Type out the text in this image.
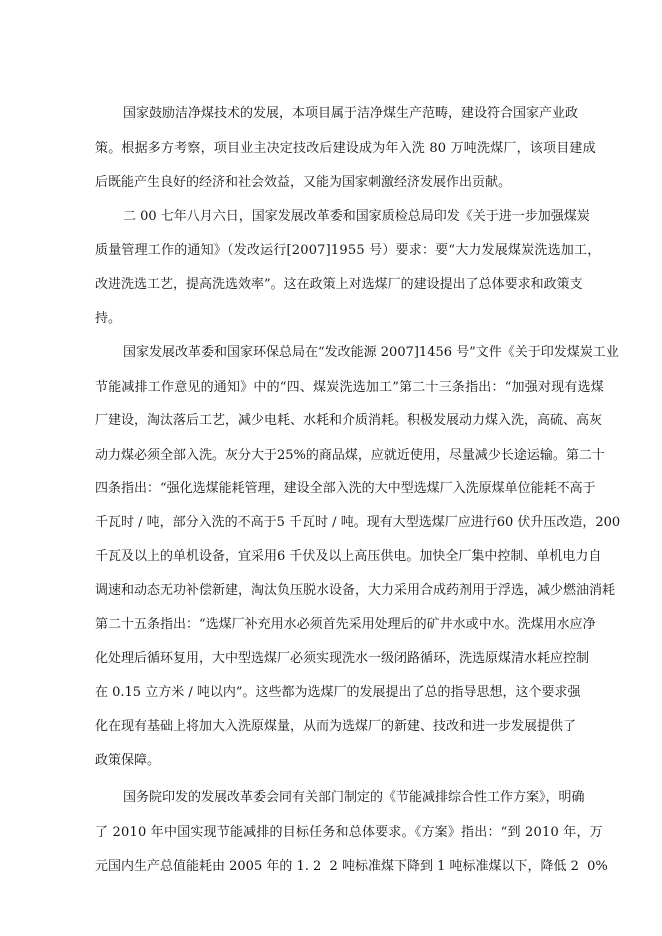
国家鼓励洁净煤技术的发展，本项目属于洁净煤生产范畴，建设符合国家产业政
策。根据多方考察，项目业主决定技改后建设成为年入洗 80 万吨洗煤厂，该项目建成
后既能产生良好的经济和社会效益，又能为国家刺激经济发展作出贡献。
二 00 七年八月六日，国家发展改革委和国家质检总局印发《关于进一步加强煤炭
质量管理工作的通知》（发改运行[2007]1955 号）要求：要“大力发展煤炭洗选加工，
改进洗选工艺，提高洗选效率”。这在政策上对选煤厂的建设提出了总体要求和政策支
持。
国家发展改革委和国家环保总局在“发改能源 2007]1456 号”文件《关于印发煤炭工业
节能减排工作意见的通知》中的“四、煤炭洗选加工”第二十三条指出：“加强对现有选煤
厂建设，淘汰落后工艺，减少电耗、水耗和介质消耗。积极发展动力煤入洗，高硫、高灰
动力煤必须全部入洗。灰分大于25%的商品煤，应就近使用，尽量减少长途运输。第二十
四条指出：“强化选煤能耗管理，建设全部入洗的大中型选煤厂入洗原煤单位能耗不高于
千瓦时 / 吨，部分入洗的不高于5 千瓦时 / 吨。现有大型选煤厂应进行60 伏升压改造，200
千瓦及以上的单机设备，宜采用6 千伏及以上高压供电。加快全厂集中控制、单机电力自
调速和动态无功补偿新建，淘汰负压脱水设备，大力采用合成药剂用于浮选，减少燃油消耗
第二十五条指出：“选煤厂补充用水必须首先采用处理后的矿井水或中水。洗煤用水应净
化处理后循环复用，大中型选煤厂必须实现洗水一级闭路循环，洗选原煤清水耗应控制
在 0.15 立方米 / 吨以内”。这些都为选煤厂的发展提出了总的指导思想，这个要求强
化在现有基础上将加大入洗原煤量，从而为选煤厂的新建、技改和进一步发展提供了
政策保障。
国务院印发的发展改革委会同有关部门制定的《节能减排综合性工作方案》，明确
了 2010 年中国实现节能减排的目标任务和总体要求。《方案》指出：“到 2010 年，万
元国内生产总值能耗由 2005 年的 1. 2  2 吨标准煤下降到 1 吨标准煤以下，降低 2  0%
